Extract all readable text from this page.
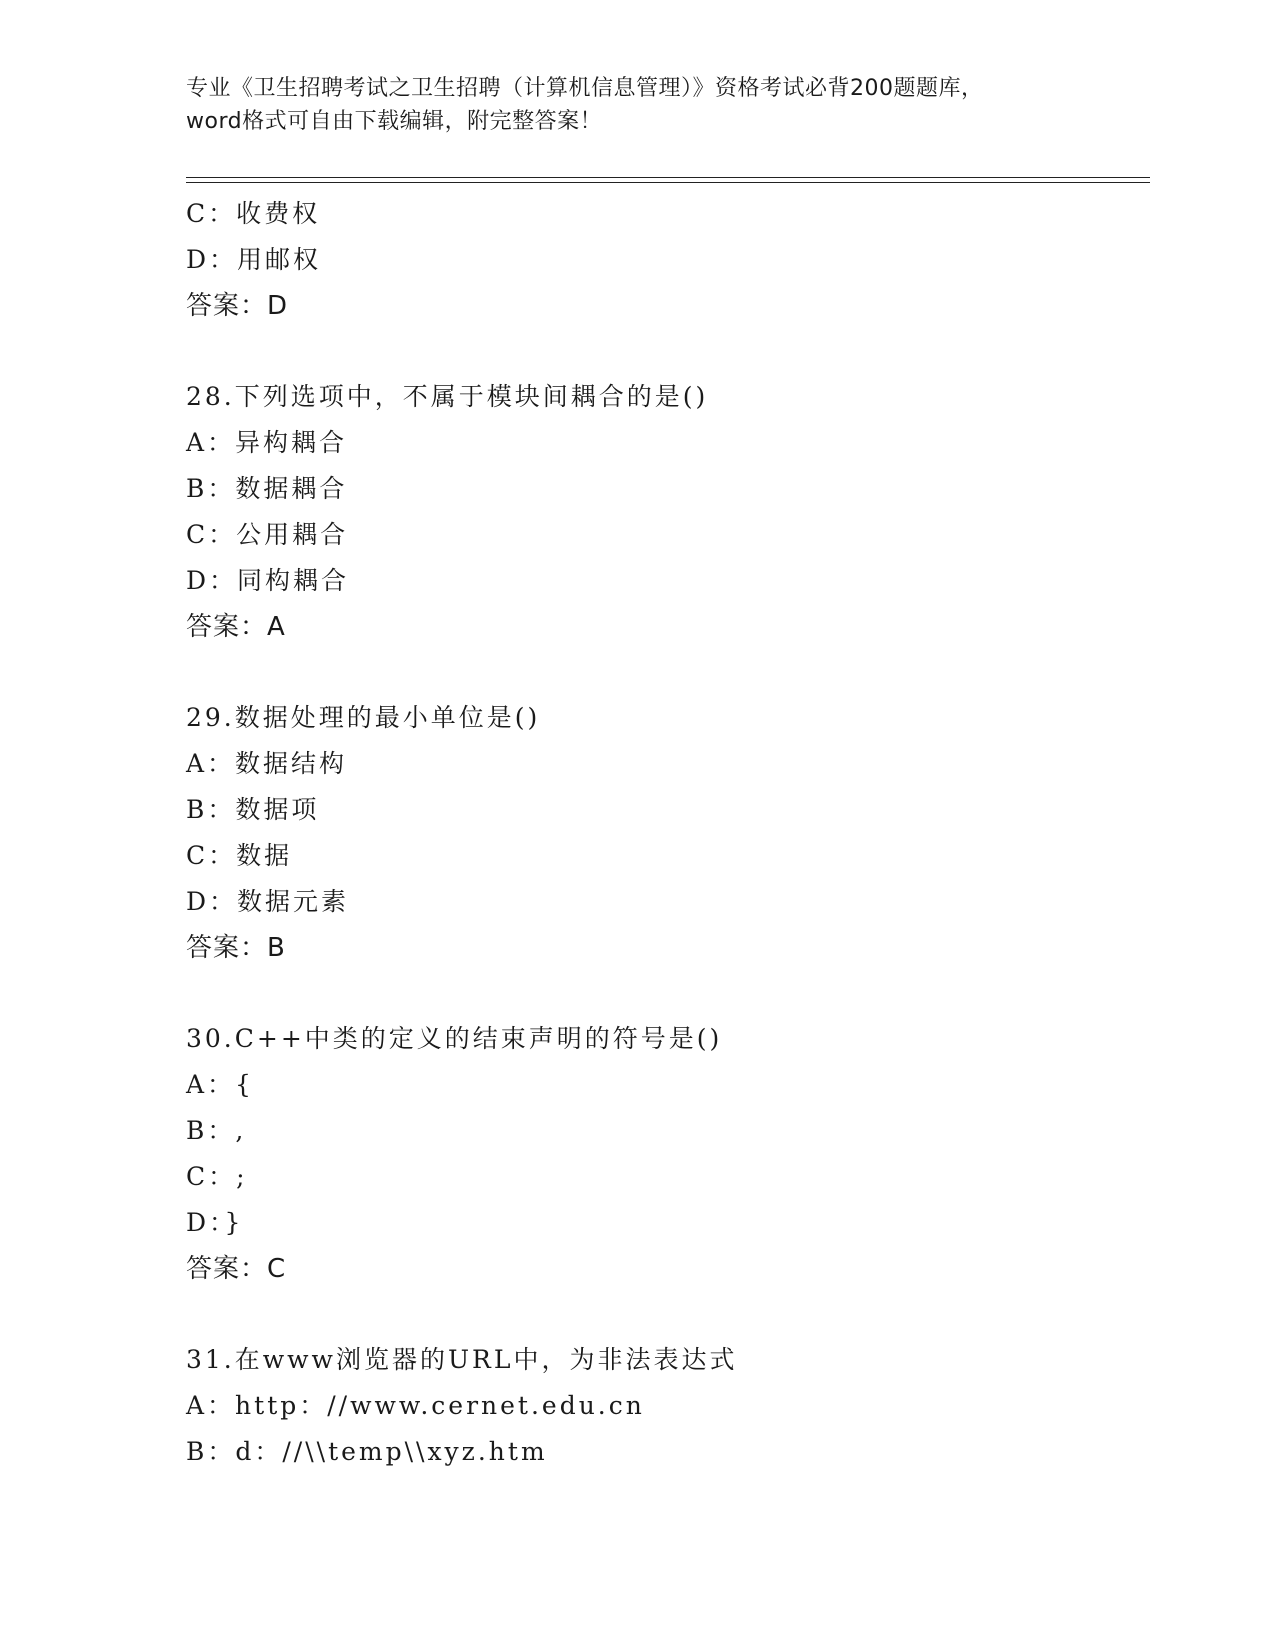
专业《卫生招聘考试之卫生招聘（计算机信息管理）》资格考试必背200题题库，
word格式可自由下载编辑，附完整答案！
C：收费权
D：用邮权
答案：D
28.下列选项中，不属于模块间耦合的是()
A：异构耦合
B：数据耦合
C：公用耦合
D：同构耦合
答案：A
29.数据处理的最小单位是()
A：数据结构
B：数据项
C：数据
D：数据元素
答案：B
30.C++中类的定义的结束声明的符号是()
A：{
B：,
C：;
D：}
答案：C
31.在www浏览器的URL中，为非法表达式
A：http：//www.cernet.edu.cn
B：d：//\\temp\\xyz.htm
